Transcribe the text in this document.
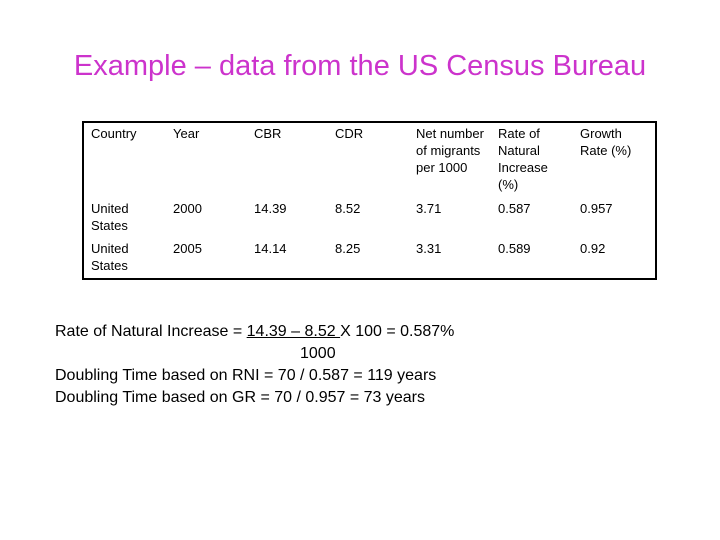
Example – data from the US Census Bureau
Country	Year	CBR	CDR	Net number of migrants per 1000	Rate of Natural Increase (%)	Growth Rate (%)
United States	2000	14.39	8.52	3.71	0.587	0.957
United States	2005	14.14	8.25	3.31	0.589	0.92
Rate of Natural Increase = 14.39 – 8.52 X 100 = 0.587%
1000
Doubling Time based on RNI = 70 / 0.587 = 119 years
Doubling Time based on GR = 70 / 0.957 = 73 years
